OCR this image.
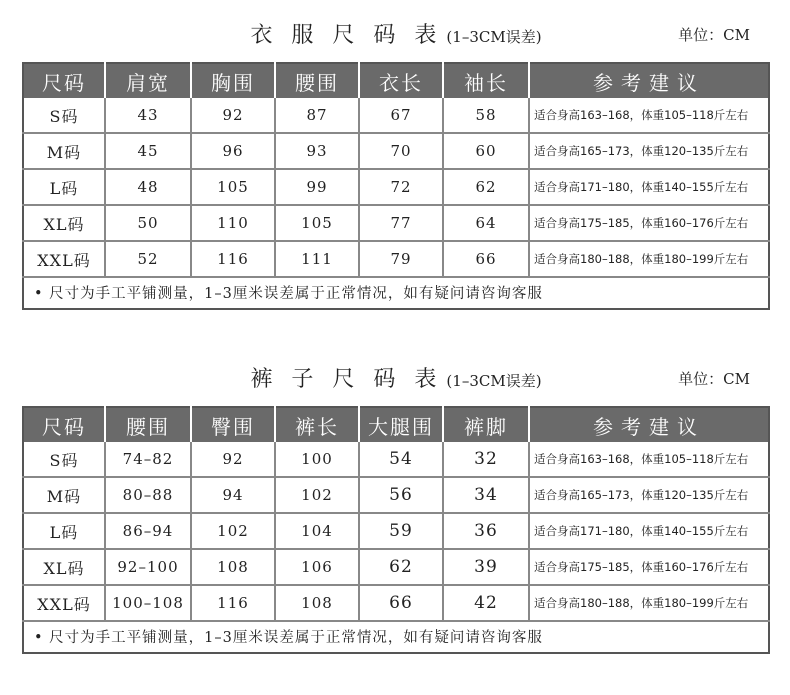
衣 服 尺 码 表 (1–3CM误差)	单位：CM
尺码	肩宽	胸围	腰围	衣长	袖长	参考建议
S码	43	92	87	67	58	适合身高163–168，体重105–118斤左右
M码	45	96	93	70	60	适合身高165–173，体重120–135斤左右
L码	48	105	99	72	62	适合身高171–180，体重140–155斤左右
XL码	50	110	105	77	64	适合身高175–185，体重160–176斤左右
XXL码	52	116	111	79	66	适合身高180–188，体重180–199斤左右
• 尺寸为手工平铺测量，1–3厘米误差属于正常情况，如有疑问请咨询客服
裤 子 尺 码 表 (1–3CM误差)	单位：CM
尺码	腰围	臀围	裤长	大腿围	裤脚	参考建议
S码	74–82	92	100	54	32	适合身高163–168，体重105–118斤左右
M码	80–88	94	102	56	34	适合身高165–173，体重120–135斤左右
L码	86–94	102	104	59	36	适合身高171–180，体重140–155斤左右
XL码	92–100	108	106	62	39	适合身高175–185，体重160–176斤左右
XXL码	100–108	116	108	66	42	适合身高180–188，体重180–199斤左右
• 尺寸为手工平铺测量，1–3厘米误差属于正常情况，如有疑问请咨询客服
